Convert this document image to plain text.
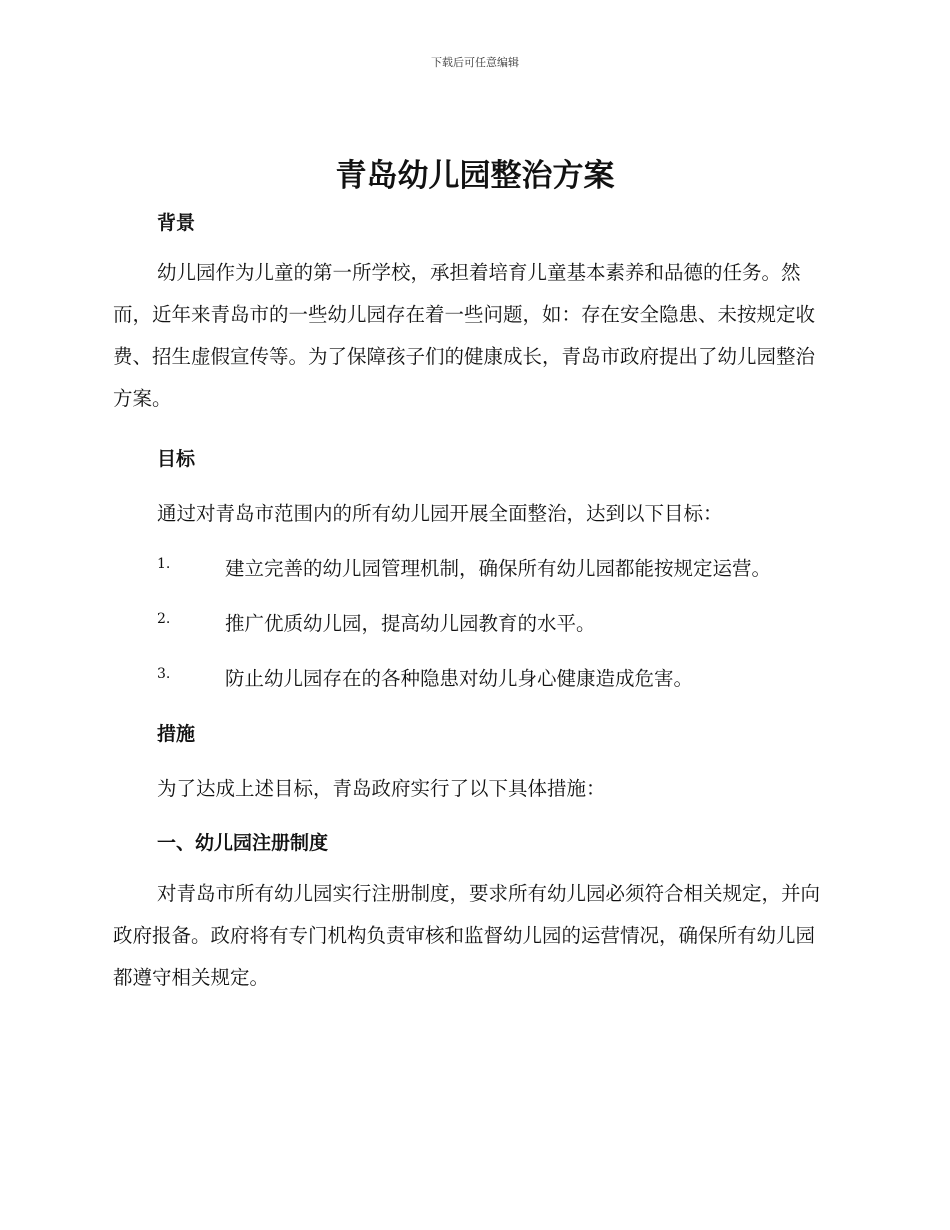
下载后可任意编辑
青岛幼儿园整治方案
背景
幼儿园作为儿童的第一所学校，承担着培育儿童基本素养和品德的任务。然而，近年来青岛市的一些幼儿园存在着一些问题，如：存在安全隐患、未按规定收费、招生虚假宣传等。为了保障孩子们的健康成长，青岛市政府提出了幼儿园整治方案。
目标
通过对青岛市范围内的所有幼儿园开展全面整治，达到以下目标：
1.	建立完善的幼儿园管理机制，确保所有幼儿园都能按规定运营。
2.	推广优质幼儿园，提高幼儿园教育的水平。
3.	防止幼儿园存在的各种隐患对幼儿身心健康造成危害。
措施
为了达成上述目标，青岛政府实行了以下具体措施：
一、幼儿园注册制度
对青岛市所有幼儿园实行注册制度，要求所有幼儿园必须符合相关规定，并向政府报备。政府将有专门机构负责审核和监督幼儿园的运营情况，确保所有幼儿园都遵守相关规定。
